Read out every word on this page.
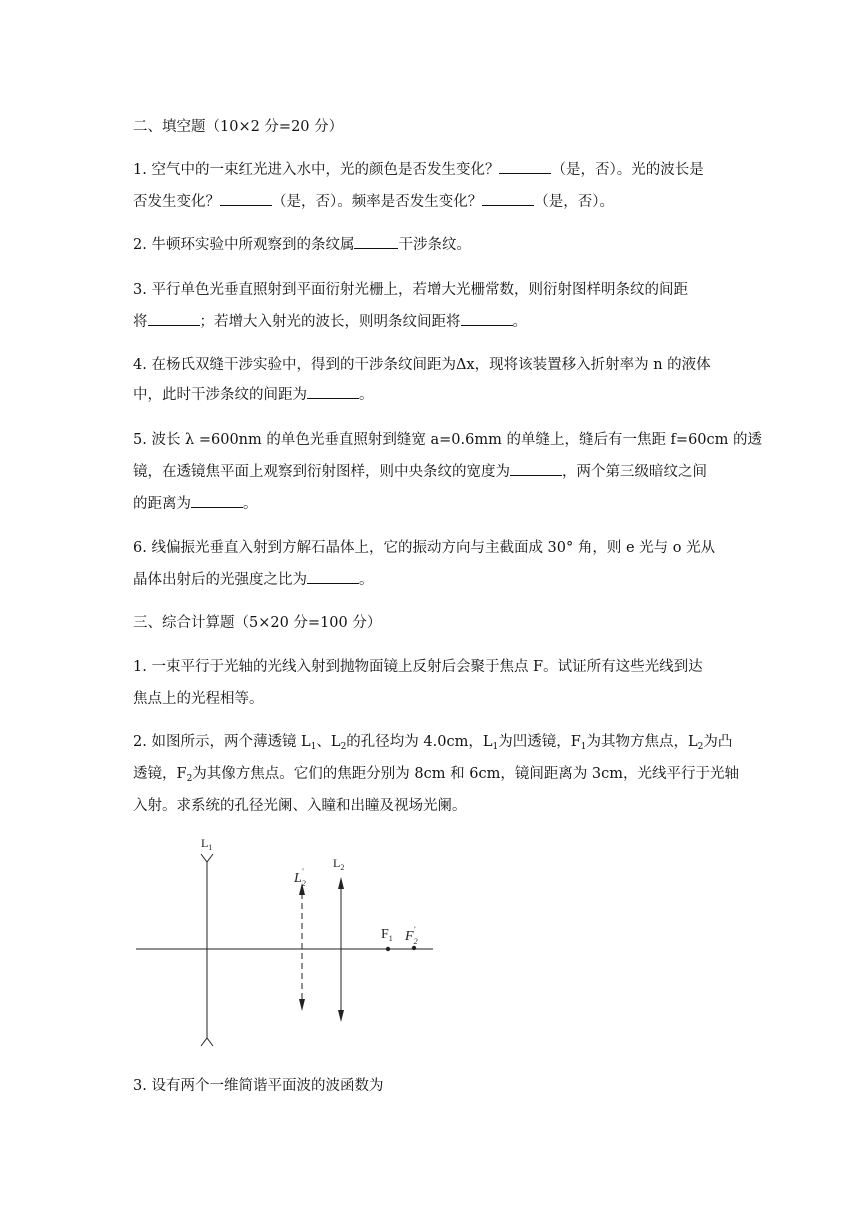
二、填空题（10×2 分=20 分）

1. 空气中的一束红光进入水中，光的颜色是否发生变化？	（是，否）。光的波长是

否发生变化？	（是，否）。频率是否发生变化？	（是，否）。

2. 牛顿环实验中所观察到的条纹属	干涉条纹。

3. 平行单色光垂直照射到平面衍射光栅上，若增大光栅常数，则衍射图样明条纹的间距

将	；若增大入射光的波长，则明条纹间距将	。

4. 在杨氏双缝干涉实验中，得到的干涉条纹间距为Δx，现将该装置移入折射率为 n 的液体

中，此时干涉条纹的间距为	。

5. 波长 λ =600nm 的单色光垂直照射到缝宽 a=0.6mm 的单缝上，缝后有一焦距 f=60cm 的透

镜，在透镜焦平面上观察到衍射图样，则中央条纹的宽度为	，两个第三级暗纹之间

的距离为	。

6. 线偏振光垂直入射到方解石晶体上，它的振动方向与主截面成 30° 角，则 e 光与 o 光从

晶体出射后的光强度之比为	。

三、综合计算题（5×20 分=100 分）

1. 一束平行于光轴的光线入射到抛物面镜上反射后会聚于焦点 F。试证所有这些光线到达

焦点上的光程相等。

2. 如图所示，两个薄透镜 $L_1$、$L_2$的孔径均为 4.0cm，$L_1$为凹透镜，$F_1$为其物方焦点，$L_2$为凸

透镜，$F_2$为其像方焦点。它们的焦距分别为 8cm 和 6cm，镜间距离为 3cm，光线平行于光轴

入射。求系统的孔径光阑、入瞳和出瞳及视场光阑。

$L_1$
$L_2'$
$L_2$
$F_1$ $F_2'$

3. 设有两个一维简谐平面波的波函数为
